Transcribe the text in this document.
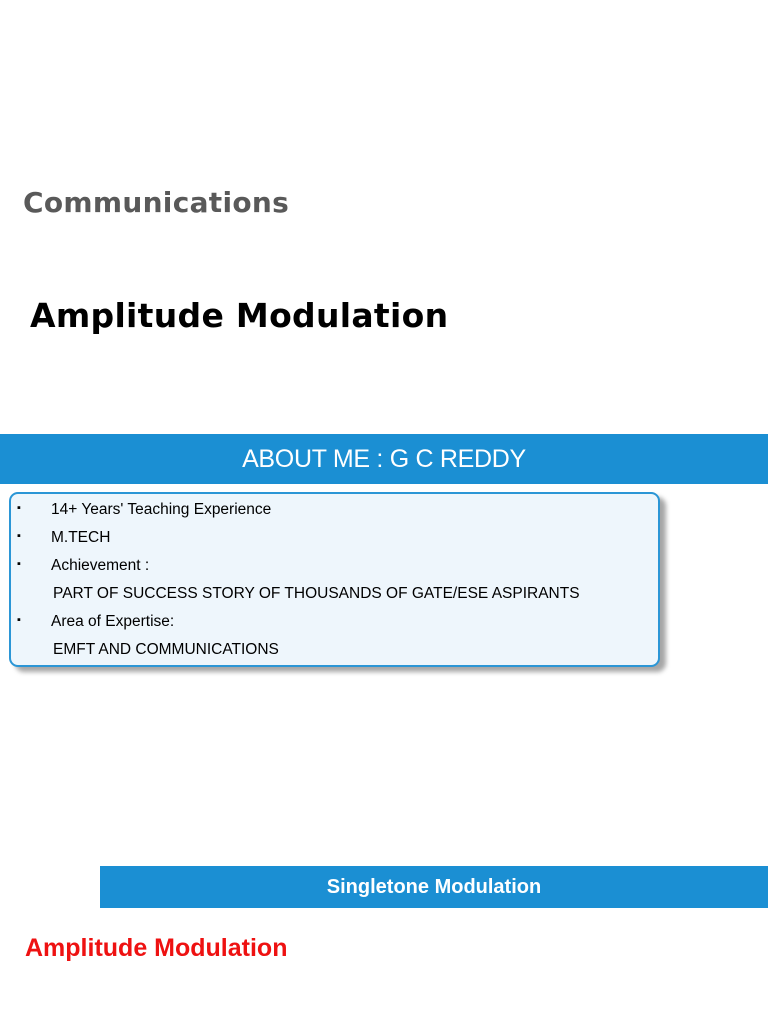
Communications
Amplitude Modulation
ABOUT ME : G C REDDY
▪ 14+ Years' Teaching Experience
▪ M.TECH
▪ Achievement :
PART OF SUCCESS STORY OF THOUSANDS OF GATE/ESE ASPIRANTS
▪ Area of Expertise:
EMFT AND COMMUNICATIONS
Singletone Modulation
Amplitude Modulation
